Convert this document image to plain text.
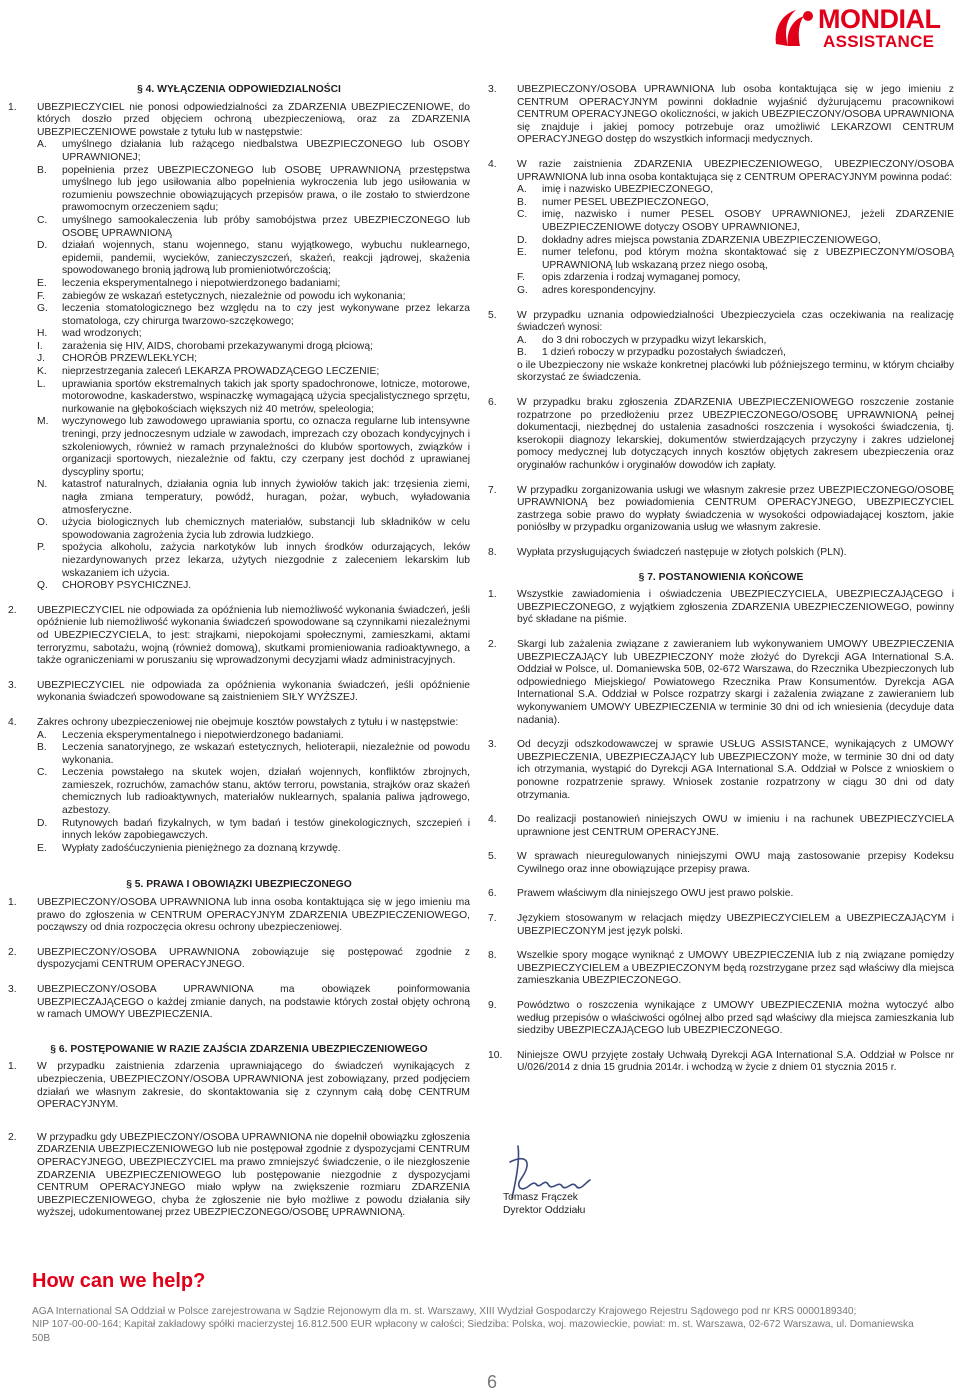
MONDIAL
ASSISTANCE
§ 4. WYŁĄCZENIA ODPOWIEDZIALNOŚCI
1.	UBEZPIECZYCIEL nie ponosi odpowiedzialności za ZDARZENIA UBEZPIECZENIOWE, do których doszło przed objęciem ochroną ubezpieczeniową, oraz za ZDARZENIA UBEZPIECZENIOWE powstałe z tytułu lub w następstwie:
A.	umyślnego działania lub rażącego niedbalstwa UBEZPIECZONEGO lub OSOBY UPRAWNIONEJ;
B.	popełnienia przez UBEZPIECZONEGO lub OSOBĘ UPRAWNIONĄ przestępstwa umyślnego lub jego usiłowania albo popełnienia wykroczenia lub jego usiłowania w rozumieniu powszechnie obowiązujących przepisów prawa, o ile zostało to stwierdzone prawomocnym orzeczeniem sądu;
C.	umyślnego samookaleczenia lub próby samobójstwa przez UBEZPIECZONEGO lub OSOBĘ UPRAWNIONĄ
D.	działań wojennych, stanu wojennego, stanu wyjątkowego, wybuchu nuklearnego, epidemii, pandemii, wycieków, zanieczyszczeń, skażeń, reakcji jądrowej, skażenia spowodowanego bronią jądrową lub promieniotwórczością;
E.	leczenia eksperymentalnego i niepotwierdzonego badaniami;
F.	zabiegów ze wskazań estetycznych, niezależnie od powodu ich wykonania;
G.	leczenia stomatologicznego bez względu na to czy jest wykonywane przez lekarza stomatologa, czy chirurga twarzowo-szczękowego;
H.	wad wrodzonych;
I.	zarażenia się HIV, AIDS, chorobami przekazywanymi drogą płciową;
J.	CHORÓB PRZEWLEKŁYCH;
K.	nieprzestrzegania zaleceń LEKARZA PROWADZĄCEGO LECZENIE;
L.	uprawiania sportów ekstremalnych takich jak sporty spadochronowe, lotnicze, motorowe, motorowodne, kaskaderstwo, wspinaczkę wymagającą użycia specjalistycznego sprzętu, nurkowanie na głębokościach większych niż 40 metrów, speleologia;
M.	wyczynowego lub zawodowego uprawiania sportu, co oznacza regularne lub intensywne treningi, przy jednoczesnym udziale w zawodach, imprezach czy obozach kondycyjnych i szkoleniowych, również w ramach przynależności do klubów sportowych, związków i organizacji sportowych, niezależnie od faktu, czy czerpany jest dochód z uprawianej dyscypliny sportu;
N.	katastrof naturalnych, działania ognia lub innych żywiołów takich jak: trzęsienia ziemi, nagła zmiana temperatury, powódź, huragan, pożar, wybuch, wyładowania atmosferyczne.
O.	użycia biologicznych lub chemicznych materiałów, substancji lub składników w celu spowodowania zagrożenia życia lub zdrowia ludzkiego.
P.	spożycia alkoholu, zażycia narkotyków lub innych środków odurzających, leków niezardynowanych przez lekarza, użytych niezgodnie z zaleceniem lekarskim lub wskazaniem ich użycia.
Q.	CHOROBY PSYCHICZNEJ.
2.	UBEZPIECZYCIEL nie odpowiada za opóźnienia lub niemożliwość wykonania świadczeń, jeśli opóźnienie lub niemożliwość wykonania świadczeń spowodowane są czynnikami niezależnymi od UBEZPIECZYCIELA, to jest: strajkami, niepokojami społecznymi, zamieszkami, aktami terroryzmu, sabotażu, wojną (również domową), skutkami promieniowania radioaktywnego, a także ograniczeniami w poruszaniu się wprowadzonymi decyzjami władz administracyjnych.
3.	UBEZPIECZYCIEL nie odpowiada za opóźnienia wykonania świadczeń, jeśli opóźnienie wykonania świadczeń spowodowane są zaistnieniem SIŁY WYŻSZEJ.
4.	Zakres ochrony ubezpieczeniowej nie obejmuje kosztów powstałych z tytułu i w następstwie:
A.	Leczenia eksperymentalnego i niepotwierdzonego badaniami.
B.	Leczenia sanatoryjnego, ze wskazań estetycznych, helioterapii, niezależnie od powodu wykonania.
C.	Leczenia powstałego na skutek wojen, działań wojennych, konfliktów zbrojnych, zamieszek, rozruchów, zamachów stanu, aktów terroru, powstania, strajków oraz skażeń chemicznych lub radioaktywnych, materiałów nuklearnych, spalania paliwa jądrowego, azbestozy.
D.	Rutynowych badań fizykalnych, w tym badań i testów ginekologicznych, szczepień i innych leków zapobiegawczych.
E.	Wypłaty zadośćuczynienia pieniężnego za doznaną krzywdę.
§ 5. PRAWA I OBOWIĄZKI UBEZPIECZONEGO
1.	UBEZPIECZONY/OSOBA UPRAWNIONA lub inna osoba kontaktująca się w jego imieniu ma prawo do zgłoszenia w CENTRUM OPERACYJNYM ZDARZENIA UBEZPIECZENIOWEGO, począwszy od dnia rozpoczęcia okresu ochrony ubezpieczeniowej.
2.	UBEZPIECZONY/OSOBA UPRAWNIONA zobowiązuje się postępować zgodnie z dyspozycjami CENTRUM OPERACYJNEGO.
3.	UBEZPIECZONY/OSOBA UPRAWNIONA ma obowiązek poinformowania UBEZPIECZAJĄCEGO o każdej zmianie danych, na podstawie których został objęty ochroną w ramach UMOWY UBEZPIECZENIA.
§ 6. POSTĘPOWANIE W RAZIE ZAJŚCIA ZDARZENIA UBEZPIECZENIOWEGO
1.	W przypadku zaistnienia zdarzenia uprawniającego do świadczeń wynikających z ubezpieczenia, UBEZPIECZONY/OSOBA UPRAWNIONA jest zobowiązany, przed podjęciem działań we własnym zakresie, do skontaktowania się z czynnym całą dobę CENTRUM OPERACYJNYM.
2.	W przypadku gdy UBEZPIECZONY/OSOBA UPRAWNIONA nie dopełnił obowiązku zgłoszenia ZDARZENIA UBEZPIECZENIOWEGO lub nie postępował zgodnie z dyspozycjami CENTRUM OPERACYJNEGO, UBEZPIECZYCIEL ma prawo zmniejszyć świadczenie, o ile niezgłoszenie ZDARZENIA UBEZPIECZENIOWEGO lub postępowanie niezgodnie z dyspozycjami CENTRUM OPERACYJNEGO miało wpływ na zwiększenie rozmiaru ZDARZENIA UBEZPIECZENIOWEGO, chyba że zgłoszenie nie było możliwe z powodu działania siły wyższej, udokumentowanej przez UBEZPIECZONEGO/OSOBĘ UPRAWNIONĄ.
3.	UBEZPIECZONY/OSOBA UPRAWNIONA lub osoba kontaktująca się w jego imieniu z CENTRUM OPERACYJNYM powinni dokładnie wyjaśnić dyżurującemu pracownikowi CENTRUM OPERACYJNEGO okoliczności, w jakich UBEZPIECZONY/OSOBA UPRAWNIONA się znajduje i jakiej pomocy potrzebuje oraz umożliwić LEKARZOWI CENTRUM OPERACYJNEGO dostęp do wszystkich informacji medycznych.
4.	W razie zaistnienia ZDARZENIA UBEZPIECZENIOWEGO, UBEZPIECZONY/OSOBA UPRAWNIONA lub inna osoba kontaktująca się z CENTRUM OPERACYJNYM powinna podać:
A.	imię i nazwisko UBEZPIECZONEGO,
B.	numer PESEL UBEZPIECZONEGO,
C.	imię, nazwisko i numer PESEL OSOBY UPRAWNIONEJ, jeżeli ZDARZENIE UBEZPIECZENIOWE dotyczy OSOBY UPRAWNIONEJ,
D.	dokładny adres miejsca powstania ZDARZENIA UBEZPIECZENIOWEGO,
E.	numer telefonu, pod którym można skontaktować się z UBEZPIECZONYM/OSOBĄ UPRAWNIONĄ lub wskazaną przez niego osobą,
F.	opis zdarzenia i rodzaj wymaganej pomocy,
G.	adres korespondencyjny.
5.	W przypadku uznania odpowiedzialności Ubezpieczyciela czas oczekiwania na realizację świadczeń wynosi:
A.	do 3 dni roboczych w przypadku wizyt lekarskich,
B.	1 dzień roboczy w przypadku pozostałych świadczeń,
o ile Ubezpieczony nie wskaże konkretnej placówki lub późniejszego terminu, w którym chciałby skorzystać ze świadczenia.
6.	W przypadku braku zgłoszenia ZDARZENIA UBEZPIECZENIOWEGO roszczenie zostanie rozpatrzone po przedłożeniu przez UBEZPIECZONEGO/OSOBĘ UPRAWNIONĄ pełnej dokumentacji, niezbędnej do ustalenia zasadności roszczenia i wysokości świadczenia, tj. kserokopii diagnozy lekarskiej, dokumentów stwierdzających przyczyny i zakres udzielonej pomocy medycznej lub dotyczących innych kosztów objętych zakresem ubezpieczenia oraz oryginałów rachunków i oryginałów dowodów ich zapłaty.
7.	W przypadku zorganizowania usługi we własnym zakresie przez UBEZPIECZONEGO/OSOBĘ UPRAWNIONĄ bez powiadomienia CENTRUM OPERACYJNEGO, UBEZPIECZYCIEL zastrzega sobie prawo do wypłaty świadczenia w wysokości odpowiadającej kosztom, jakie poniósłby w przypadku organizowania usług we własnym zakresie.
8.	Wypłata przysługujących świadczeń następuje w złotych polskich (PLN).
§ 7. POSTANOWIENIA KOŃCOWE
1.	Wszystkie zawiadomienia i oświadczenia UBEZPIECZYCIELA, UBEZPIECZAJĄCEGO i UBEZPIECZONEGO, z wyjątkiem zgłoszenia ZDARZENIA UBEZPIECZENIOWEGO, powinny być składane na piśmie.
2.	Skargi lub zażalenia związane z zawieraniem lub wykonywaniem UMOWY UBEZPIECZENIA UBEZPIECZAJĄCY lub UBEZPIECZONY może złożyć do Dyrekcji AGA International S.A. Oddział w Polsce, ul. Domaniewska 50B, 02-672 Warszawa, do Rzecznika Ubezpieczonych lub odpowiedniego Miejskiego/ Powiatowego Rzecznika Praw Konsumentów. Dyrekcja AGA International S.A. Oddział w Polsce rozpatrzy skargi i zażalenia związane z zawieraniem lub wykonywaniem UMOWY UBEZPIECZENIA w terminie 30 dni od ich wniesienia (decyduje data nadania).
3.	Od decyzji odszkodowawczej w sprawie USŁUG ASSISTANCE, wynikających z UMOWY UBEZPIECZENIA, UBEZPIECZAJĄCY lub UBEZPIECZONY może, w terminie 30 dni od daty ich otrzymania, wystąpić do Dyrekcji AGA International S.A. Oddział w Polsce z wnioskiem o ponowne rozpatrzenie sprawy. Wniosek zostanie rozpatrzony w ciągu 30 dni od daty otrzymania.
4.	Do realizacji postanowień niniejszych OWU w imieniu i na rachunek UBEZPIECZYCIELA uprawnione jest CENTRUM OPERACYJNE.
5.	W sprawach nieuregulowanych niniejszymi OWU mają zastosowanie przepisy Kodeksu Cywilnego oraz inne obowiązujące przepisy prawa.
6.	Prawem właściwym dla niniejszego OWU jest prawo polskie.
7.	Językiem stosowanym w relacjach między UBEZPIECZYCIELEM a UBEZPIECZAJĄCYM i UBEZPIECZONYM jest język polski.
8.	Wszelkie spory mogące wyniknąć z UMOWY UBEZPIECZENIA lub z nią związane pomiędzy UBEZPIECZYCIELEM a UBEZPIECZONYM będą rozstrzygane przez sąd właściwy dla miejsca zamieszkania UBEZPIECZONEGO.
9.	Powództwo o roszczenia wynikające z UMOWY UBEZPIECZENIA można wytoczyć albo według przepisów o właściwości ogólnej albo przed sąd właściwy dla miejsca zamieszkania lub siedziby UBEZPIECZAJĄCEGO lub UBEZPIECZONEGO.
10.	Niniejsze OWU przyjęte zostały Uchwałą Dyrekcji AGA International S.A. Oddział w Polsce nr U/026/2014 z dnia 15 grudnia 2014r. i wchodzą w życie z dniem 01 stycznia 2015 r.
Tomasz Frączek
Dyrektor Oddziału
How can we help?
AGA International SA Oddział w Polsce zarejestrowana w Sądzie Rejonowym dla m. st. Warszawy, XIII Wydział Gospodarczy Krajowego Rejestru Sądowego pod nr KRS 0000189340;
NIP 107-00-00-164; Kapitał zakładowy spółki macierzystej 16.812.500 EUR wpłacony w całości; Siedziba: Polska, woj. mazowieckie, powiat: m. st. Warszawa, 02-672 Warszawa, ul. Domaniewska 50B
6
